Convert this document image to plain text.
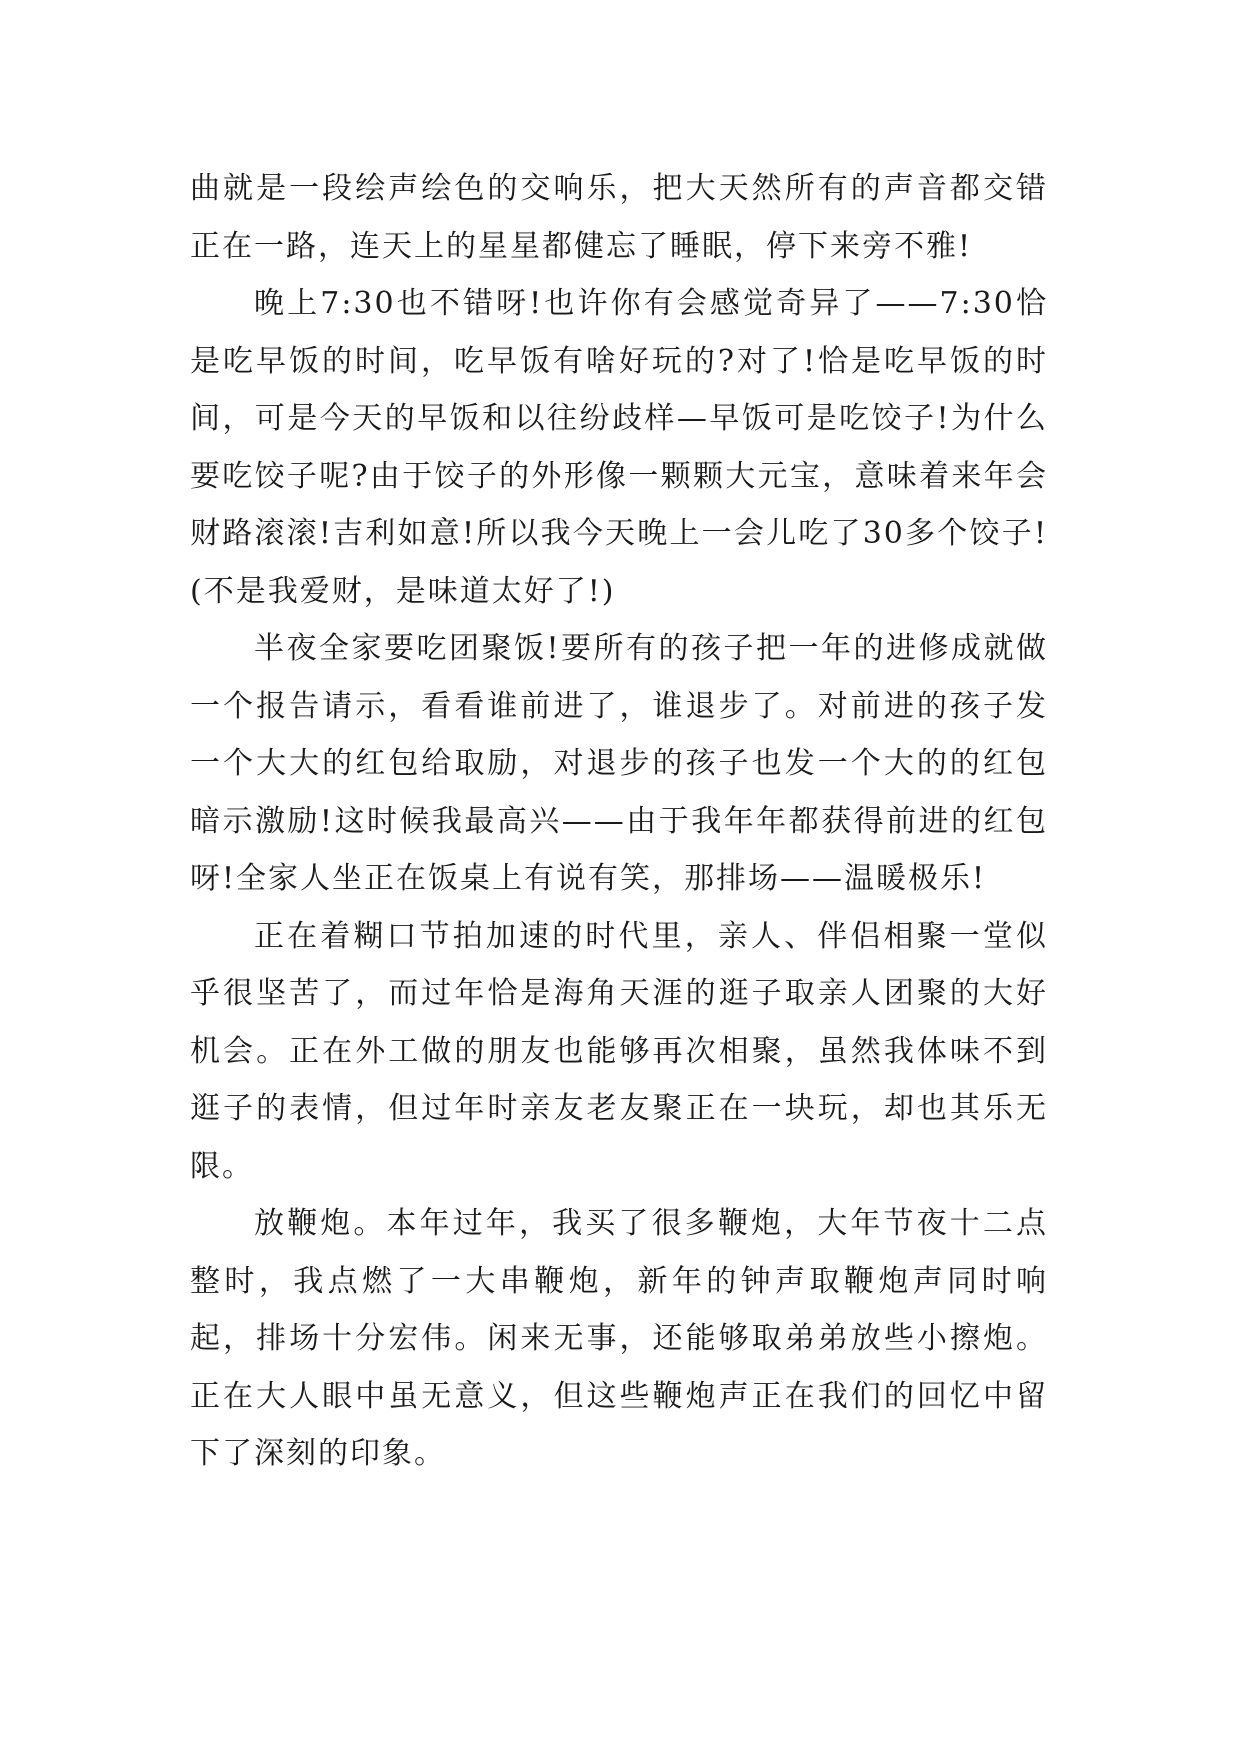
曲就是一段绘声绘色的交响乐，把大天然所有的声音都交错正在一路，连天上的星星都健忘了睡眠，停下来旁不雅!

晚上7:30也不错呀!也许你有会感觉奇异了——7:30恰是吃早饭的时间，吃早饭有啥好玩的?对了!恰是吃早饭的时间，可是今天的早饭和以往纷歧样—早饭可是吃饺子!为什么要吃饺子呢?由于饺子的外形像一颗颗大元宝，意味着来年会财路滚滚!吉利如意!所以我今天晚上一会儿吃了30多个饺子!(不是我爱财，是味道太好了!)

半夜全家要吃团聚饭!要所有的孩子把一年的进修成就做一个报告请示，看看谁前进了，谁退步了。对前进的孩子发一个大大的红包给取励，对退步的孩子也发一个大的的红包暗示激励!这时候我最高兴——由于我年年都获得前进的红包呀!全家人坐正在饭桌上有说有笑，那排场——温暖极乐!

正在着糊口节拍加速的时代里，亲人、伴侣相聚一堂似乎很坚苦了，而过年恰是海角天涯的逛子取亲人团聚的大好机会。正在外工做的朋友也能够再次相聚，虽然我体味不到逛子的表情，但过年时亲友老友聚正在一块玩，却也其乐无限。

放鞭炮。本年过年，我买了很多鞭炮，大年节夜十二点整时，我点燃了一大串鞭炮，新年的钟声取鞭炮声同时响起，排场十分宏伟。闲来无事，还能够取弟弟放些小擦炮。正在大人眼中虽无意义，但这些鞭炮声正在我们的回忆中留下了深刻的印象。
